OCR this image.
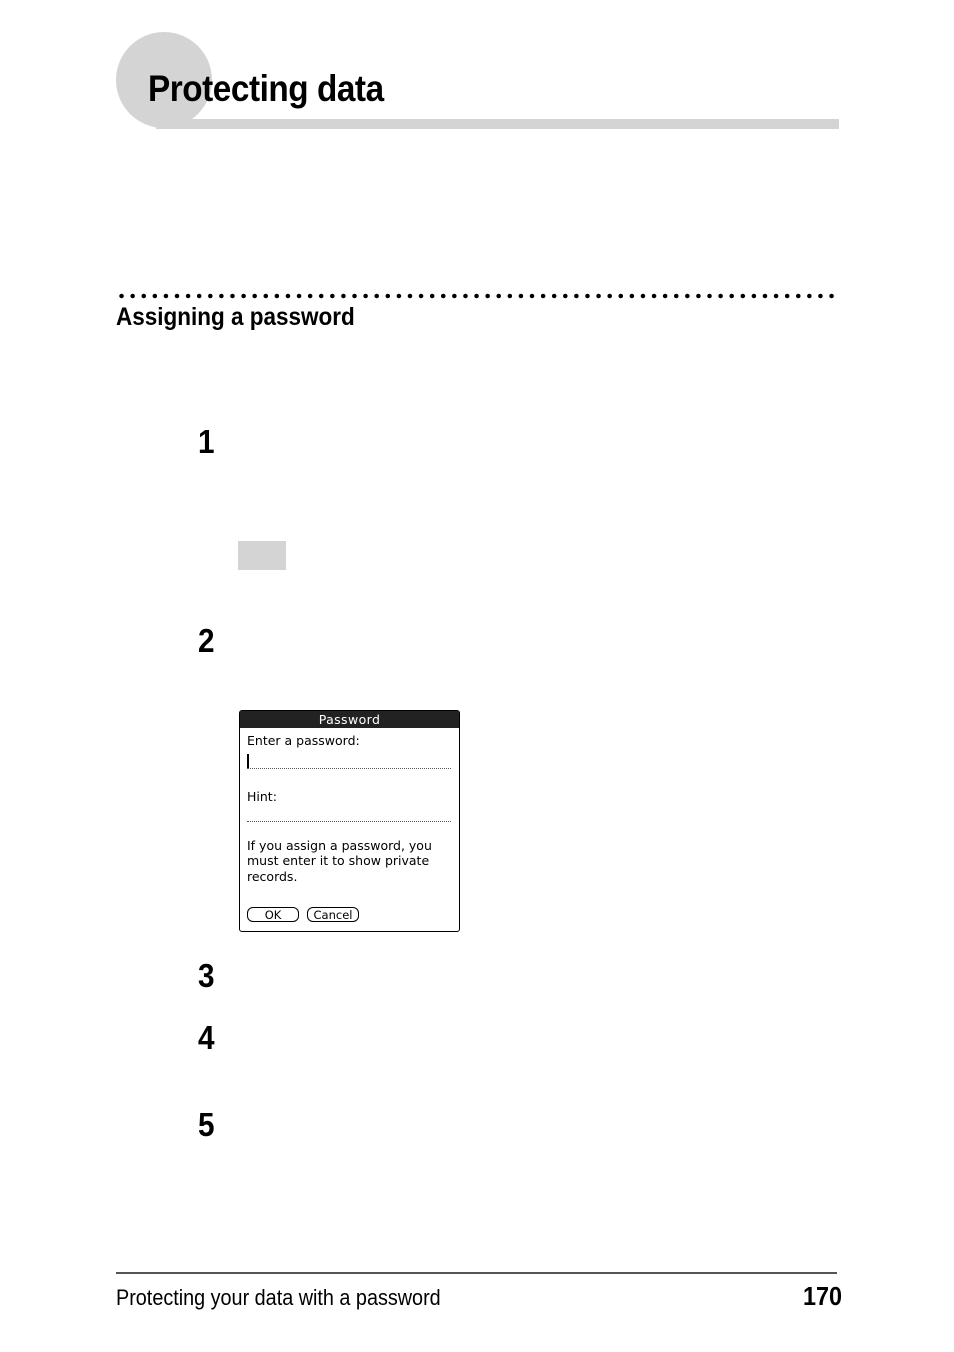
Protecting data
Assigning a password
1
2
Password
Enter a password:
Hint:
If you assign a password, you
must enter it to show private
records.
OK	Cancel
3
4
5
Protecting your data with a password	170
